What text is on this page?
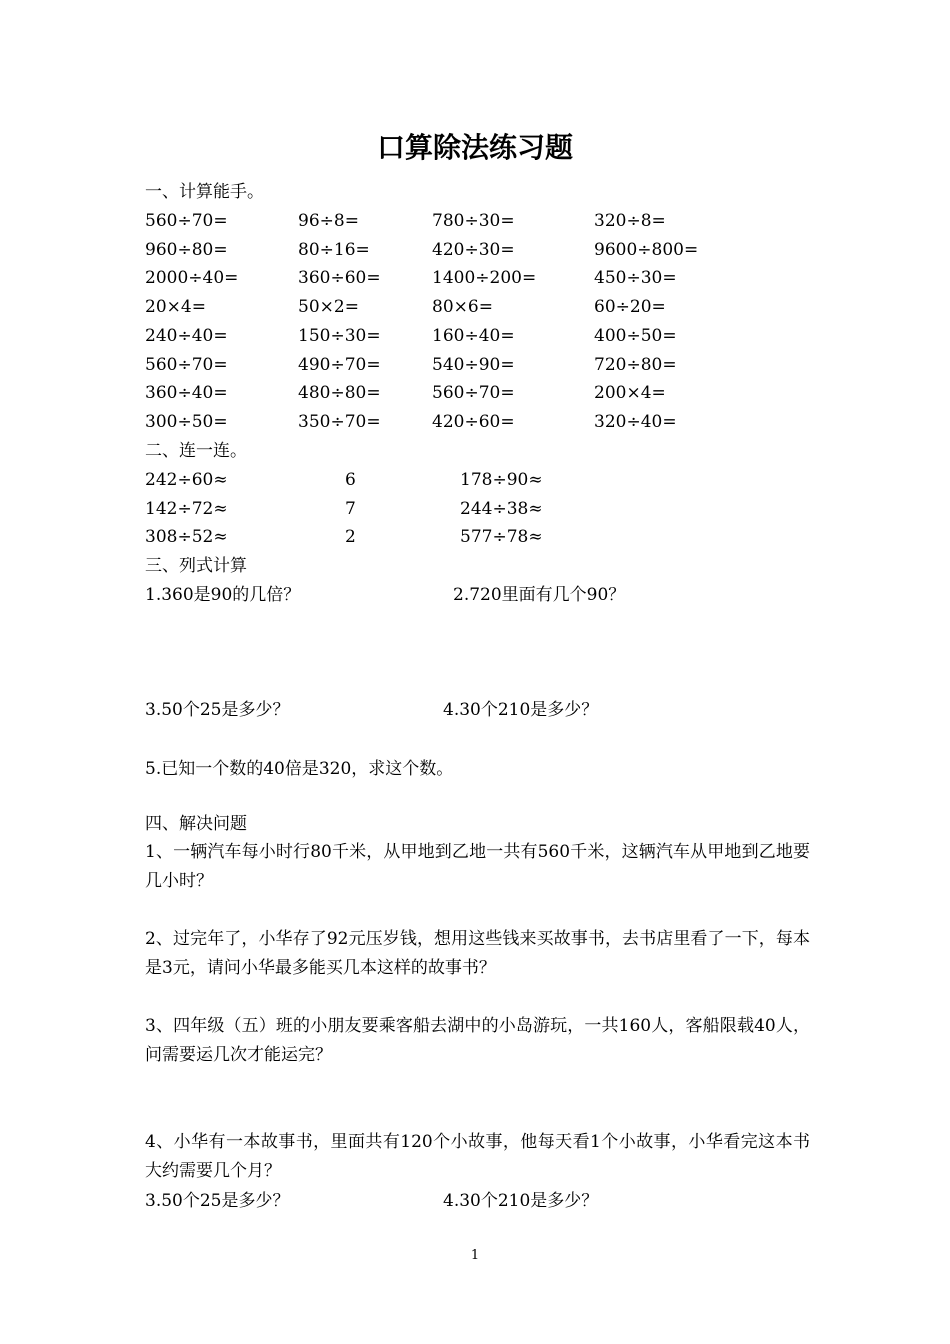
口算除法练习题
一、计算能手。
560÷70=	96÷8=	780÷30=	320÷8=
960÷80=	80÷16=	420÷30=	9600÷800=
2000÷40=	360÷60=	1400÷200=	450÷30=
20×4=	50×2=	80×6=	60÷20=
240÷40=	150÷30=	160÷40=	400÷50=
560÷70=	490÷70=	540÷90=	720÷80=
360÷40=	480÷80=	560÷70=	200×4=
300÷50=	350÷70=	420÷60=	320÷40=
二、连一连。
242÷60≈	6	178÷90≈
142÷72≈	7	244÷38≈
308÷52≈	2	577÷78≈
三、列式计算
1.360是90的几倍？	2.720里面有几个90？
3.50个25是多少？	4.30个210是多少？
5.已知一个数的40倍是320，求这个数。
四、解决问题
1、一辆汽车每小时行80千米，从甲地到乙地一共有560千米，这辆汽车从甲地到乙地要几小时？
2、过完年了，小华存了92元压岁钱，想用这些钱来买故事书，去书店里看了一下，每本是3元，请问小华最多能买几本这样的故事书？
3、四年级（五）班的小朋友要乘客船去湖中的小岛游玩，一共160人，客船限载40人，问需要运几次才能运完？
4、小华有一本故事书，里面共有120个小故事，他每天看1个小故事，小华看完这本书大约需要几个月？
3.50个25是多少？	4.30个210是多少？
1
